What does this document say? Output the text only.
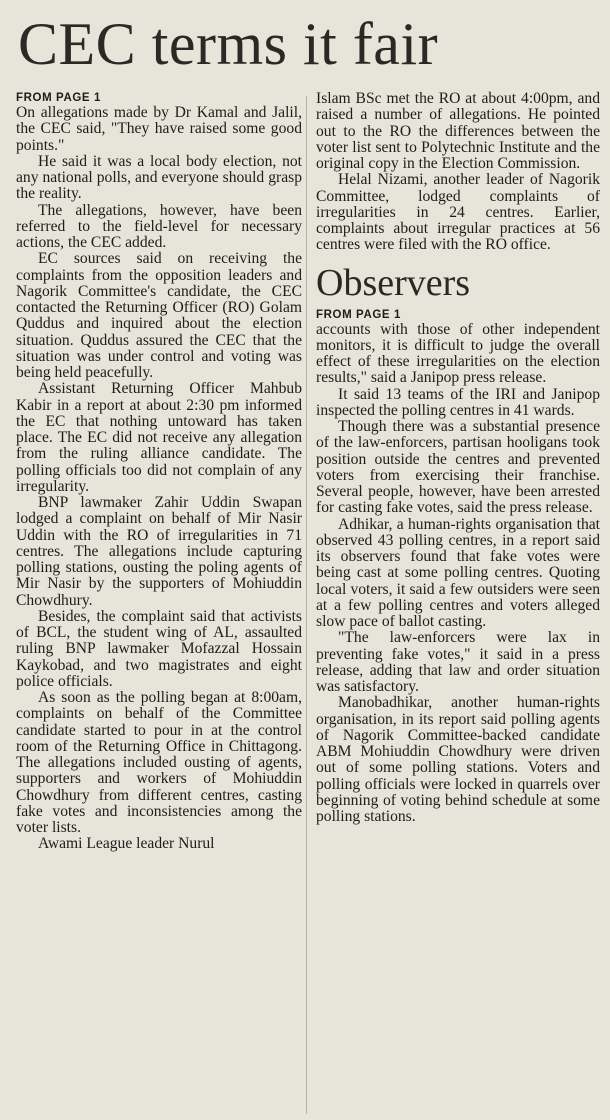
CEC terms it fair

FROM PAGE 1

On allegations made by Dr Kamal and Jalil, the CEC said, "They have raised some good points."

He said it was a local body election, not any national polls, and everyone should grasp the reality.

The allegations, however, have been referred to the field-level for necessary actions, the CEC added.

EC sources said on receiving the complaints from the opposition leaders and Nagorik Committee's candidate, the CEC contacted the Returning Officer (RO) Golam Quddus and inquired about the election situation. Quddus assured the CEC that the situation was under control and voting was being held peacefully.

Assistant Returning Officer Mahbub Kabir in a report at about 2:30 pm informed the EC that nothing untoward has taken place. The EC did not receive any allegation from the ruling alliance candidate. The polling officials too did not complain of any irregularity.

BNP lawmaker Zahir Uddin Swapan lodged a complaint on behalf of Mir Nasir Uddin with the RO of irregularities in 71 centres. The allegations include capturing polling stations, ousting the poling agents of Mir Nasir by the supporters of Mohiuddin Chowdhury.

Besides, the complaint said that activists of BCL, the student wing of AL, assaulted ruling BNP lawmaker Mofazzal Hossain Kaykobad, and two magistrates and eight police officials.

As soon as the polling began at 8:00am, complaints on behalf of the Committee candidate started to pour in at the control room of the Returning Office in Chittagong. The allegations included ousting of agents, supporters and workers of Mohiuddin Chowdhury from different centres, casting fake votes and inconsistencies among the voter lists.

Awami League leader Nurul

Islam BSc met the RO at about 4:00pm, and raised a number of allegations. He pointed out to the RO the differences between the voter list sent to Polytechnic Institute and the original copy in the Election Commission.

Helal Nizami, another leader of Nagorik Committee, lodged complaints of irregularities in 24 centres. Earlier, complaints about irregular practices at 56 centres were filed with the RO office.

Observers

FROM PAGE 1

accounts with those of other independent monitors, it is difficult to judge the overall effect of these irregularities on the election results," said a Janipop press release.

It said 13 teams of the IRI and Janipop inspected the polling centres in 41 wards.

Though there was a substantial presence of the law-enforcers, partisan hooligans took position outside the centres and prevented voters from exercising their franchise. Several people, however, have been arrested for casting fake votes, said the press release.

Adhikar, a human-rights organisation that observed 43 polling centres, in a report said its observers found that fake votes were being cast at some polling centres. Quoting local voters, it said a few outsiders were seen at a few polling centres and voters alleged slow pace of ballot casting.

"The law-enforcers were lax in preventing fake votes," it said in a press release, adding that law and order situation was satisfactory.

Manobadhikar, another human-rights organisation, in its report said polling agents of Nagorik Committee-backed candidate ABM Mohiuddin Chowdhury were driven out of some polling stations. Voters and polling officials were locked in quarrels over beginning of voting behind schedule at some polling stations.
